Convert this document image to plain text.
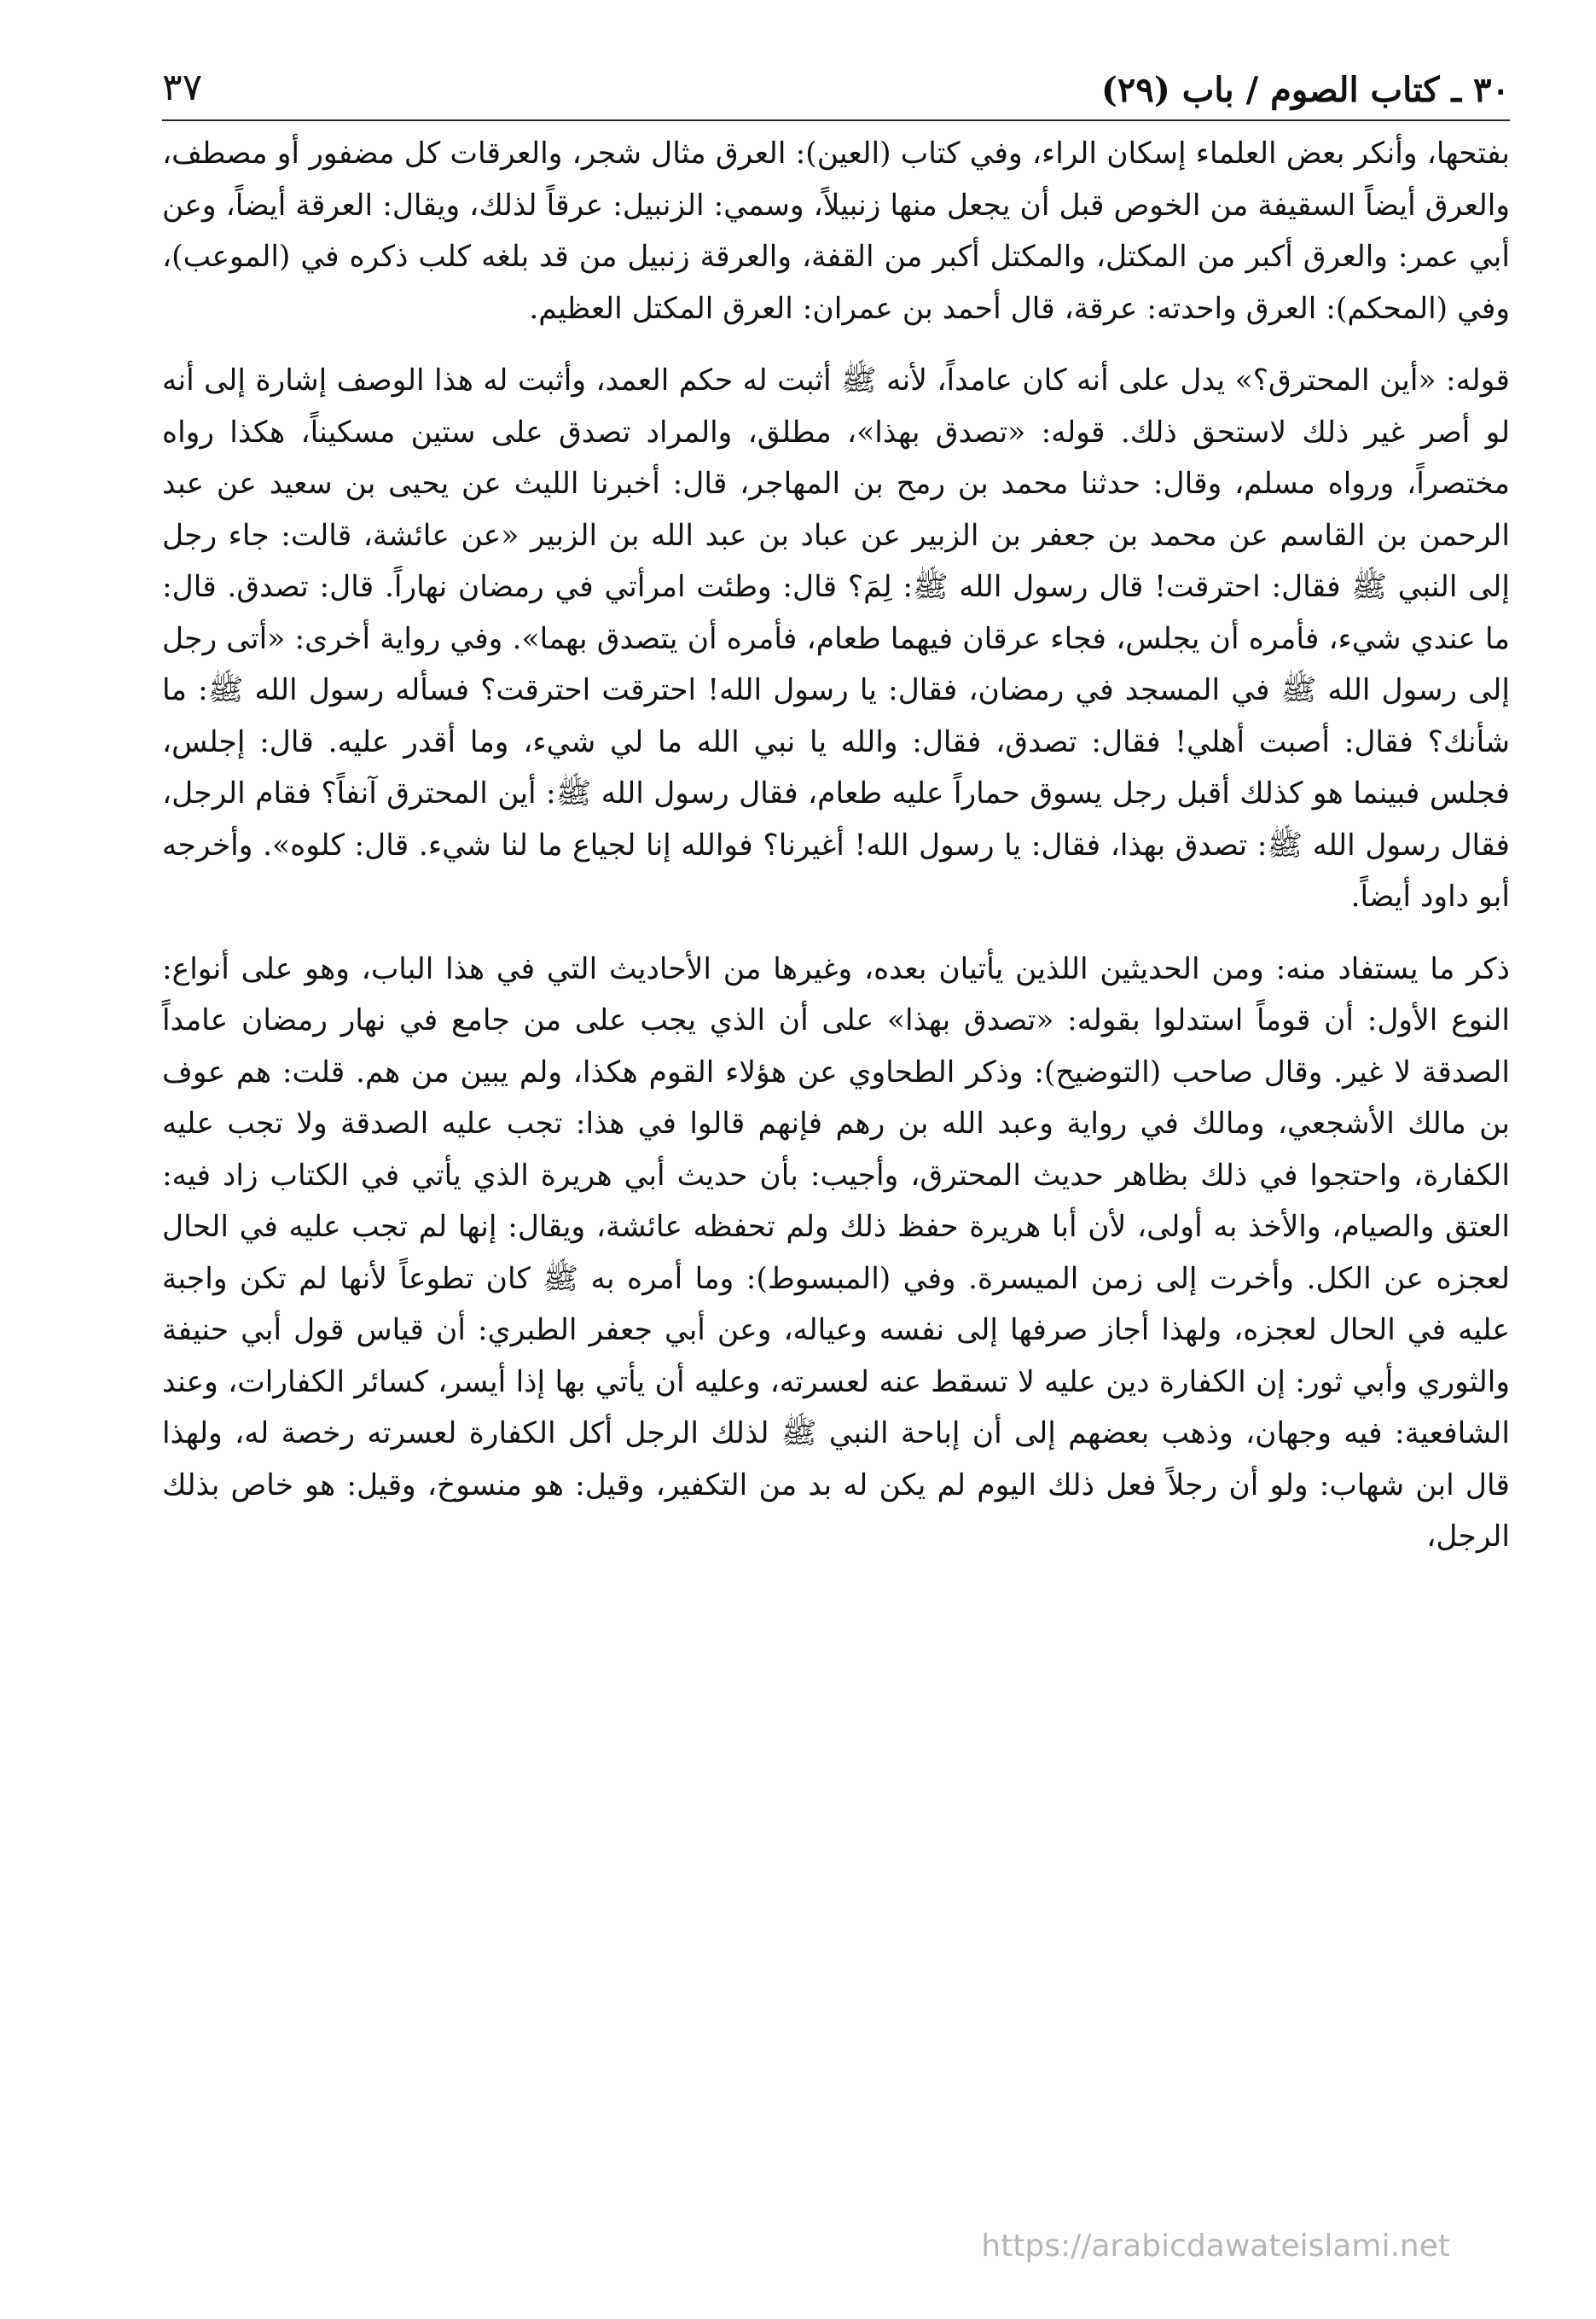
٣٠ ـ كتاب الصوم / باب (٢٩)
٣٧

بفتحها، وأنكر بعض العلماء إسكان الراء، وفي كتاب (العين): العرق مثال شجر، والعرقات كل مضفور أو مصطف، والعرق أيضاً السقيفة من الخوص قبل أن يجعل منها زنبيلاً، وسمي: الزنبيل: عرقاً لذلك، ويقال: العرقة أيضاً، وعن أبي عمر: والعرق أكبر من المكتل، والمكتل أكبر من القفة، والعرقة زنبيل من قد بلغه كلب ذكره في (الموعب)، وفي (المحكم): العرق واحدته: عرقة، قال أحمد بن عمران: العرق المكتل العظيم.

قوله: «أين المحترق؟» يدل على أنه كان عامداً، لأنه ﷺ أثبت له حكم العمد، وأثبت له هذا الوصف إشارة إلى أنه لو أصر غير ذلك لاستحق ذلك. قوله: «تصدق بهذا»، مطلق، والمراد تصدق على ستين مسكيناً، هكذا رواه مختصراً، ورواه مسلم، وقال: حدثنا محمد بن رمح بن المهاجر، قال: أخبرنا الليث عن يحيى بن سعيد عن عبد الرحمن بن القاسم عن محمد بن جعفر بن الزبير عن عباد بن عبد الله بن الزبير «عن عائشة، قالت: جاء رجل إلى النبي ﷺ فقال: احترقت! قال رسول الله ﷺ: لِمَ؟ قال: وطئت امرأتي في رمضان نهاراً. قال: تصدق. قال: ما عندي شيء، فأمره أن يجلس، فجاء عرقان فيهما طعام، فأمره أن يتصدق بهما». وفي رواية أخرى: «أتى رجل إلى رسول الله ﷺ في المسجد في رمضان، فقال: يا رسول الله! احترقت احترقت؟ فسأله رسول الله ﷺ: ما شأنك؟ فقال: أصبت أهلي! فقال: تصدق، فقال: والله يا نبي الله ما لي شيء، وما أقدر عليه. قال: إجلس، فجلس فبينما هو كذلك أقبل رجل يسوق حماراً عليه طعام، فقال رسول الله ﷺ: أين المحترق آنفاً؟ فقام الرجل، فقال رسول الله ﷺ: تصدق بهذا، فقال: يا رسول الله! أغيرنا؟ فوالله إنا لجياع ما لنا شيء. قال: كلوه». وأخرجه أبو داود أيضاً.

ذكر ما يستفاد منه: ومن الحديثين اللذين يأتيان بعده، وغيرها من الأحاديث التي في هذا الباب، وهو على أنواع: النوع الأول: أن قوماً استدلوا بقوله: «تصدق بهذا» على أن الذي يجب على من جامع في نهار رمضان عامداً الصدقة لا غير. وقال صاحب (التوضيح): وذكر الطحاوي عن هؤلاء القوم هكذا، ولم يبين من هم. قلت: هم عوف بن مالك الأشجعي، ومالك في رواية وعبد الله بن رهم فإنهم قالوا في هذا: تجب عليه الصدقة ولا تجب عليه الكفارة، واحتجوا في ذلك بظاهر حديث المحترق، وأجيب: بأن حديث أبي هريرة الذي يأتي في الكتاب زاد فيه: العتق والصيام، والأخذ به أولى، لأن أبا هريرة حفظ ذلك ولم تحفظه عائشة، ويقال: إنها لم تجب عليه في الحال لعجزه عن الكل. وأخرت إلى زمن الميسرة. وفي (المبسوط): وما أمره به ﷺ كان تطوعاً لأنها لم تكن واجبة عليه في الحال لعجزه، ولهذا أجاز صرفها إلى نفسه وعياله، وعن أبي جعفر الطبري: أن قياس قول أبي حنيفة والثوري وأبي ثور: إن الكفارة دين عليه لا تسقط عنه لعسرته، وعليه أن يأتي بها إذا أيسر، كسائر الكفارات، وعند الشافعية: فيه وجهان، وذهب بعضهم إلى أن إباحة النبي ﷺ لذلك الرجل أكل الكفارة لعسرته رخصة له، ولهذا قال ابن شهاب: ولو أن رجلاً فعل ذلك اليوم لم يكن له بد من التكفير، وقيل: هو منسوخ، وقيل: هو خاص بذلك الرجل،

https://arabicdawateislami.net
